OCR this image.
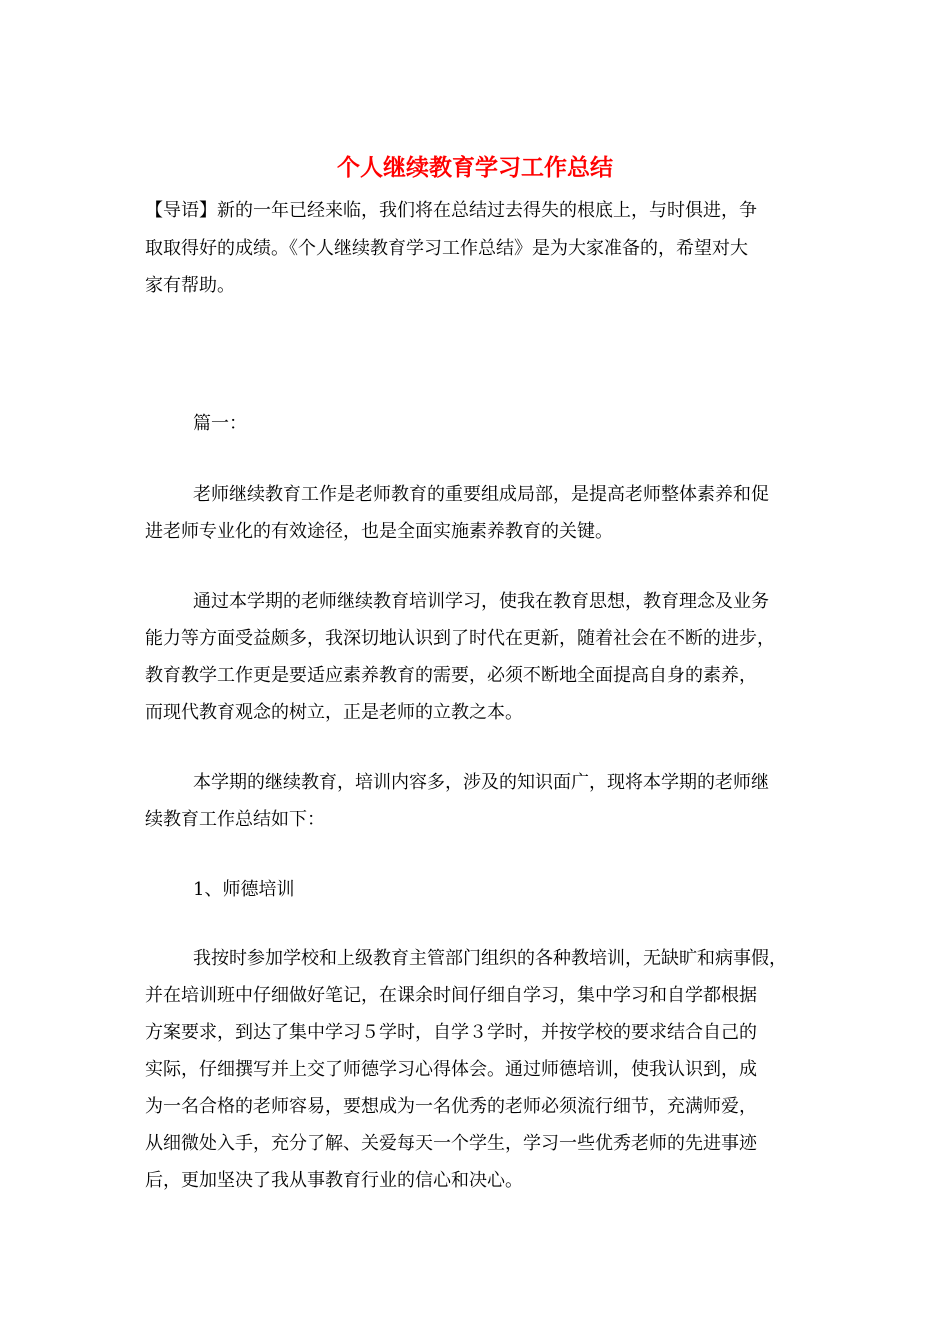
个人继续教育学习工作总结

【导语】新的一年已经来临，我们将在总结过去得失的根底上，与时俱进，争

取取得好的成绩。《个人继续教育学习工作总结》是为大家准备的，希望对大

家有帮助。

篇一：

老师继续教育工作是老师教育的重要组成局部，是提高老师整体素养和促

进老师专业化的有效途径，也是全面实施素养教育的关键。

通过本学期的老师继续教育培训学习，使我在教育思想，教育理念及业务

能力等方面受益颇多，我深切地认识到了时代在更新，随着社会在不断的进步，

教育教学工作更是要适应素养教育的需要，必须不断地全面提高自身的素养，

而现代教育观念的树立，正是老师的立教之本。

本学期的继续教育，培训内容多，涉及的知识面广，现将本学期的老师继

续教育工作总结如下：

1、师德培训

我按时参加学校和上级教育主管部门组织的各种教培训，无缺旷和病事假，

并在培训班中仔细做好笔记，在课余时间仔细自学习，集中学习和自学都根据

方案要求，到达了集中学习５学时，自学３学时，并按学校的要求结合自己的

实际，仔细撰写并上交了师德学习心得体会。通过师德培训，使我认识到，成

为一名合格的老师容易，要想成为一名优秀的老师必须流行细节，充满师爱，

从细微处入手，充分了解、关爱每天一个学生，学习一些优秀老师的先进事迹

后，更加坚决了我从事教育行业的信心和决心。
